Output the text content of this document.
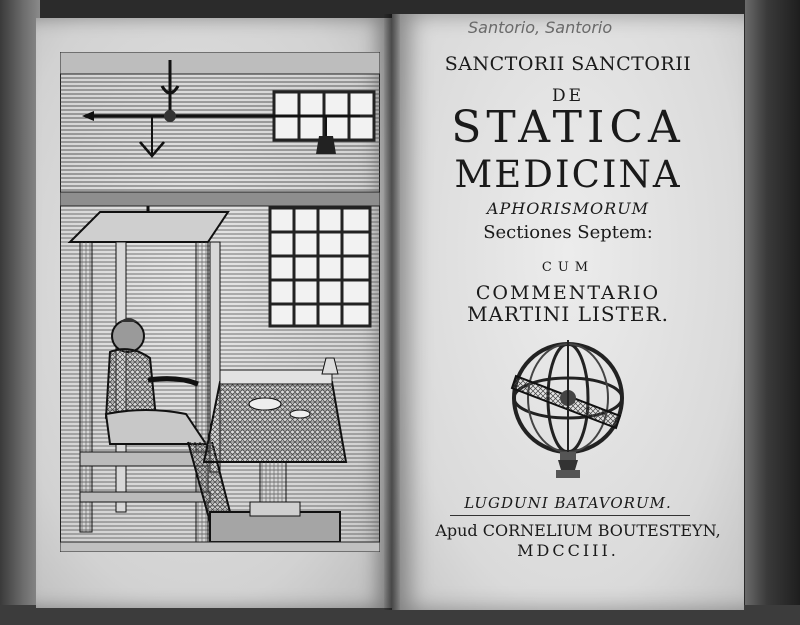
Santorio, Santorio

SANCTORII SANCTORII

DE

STATICA

MEDICINA

APHORISMORUM

Sectiones Septem:

CUM

COMMENTARIO

MARTINI LISTER.

LUGDUNI BATAVORUM.

Apud CORNELIUM BOUTESTEYN,

MDCCIII.
